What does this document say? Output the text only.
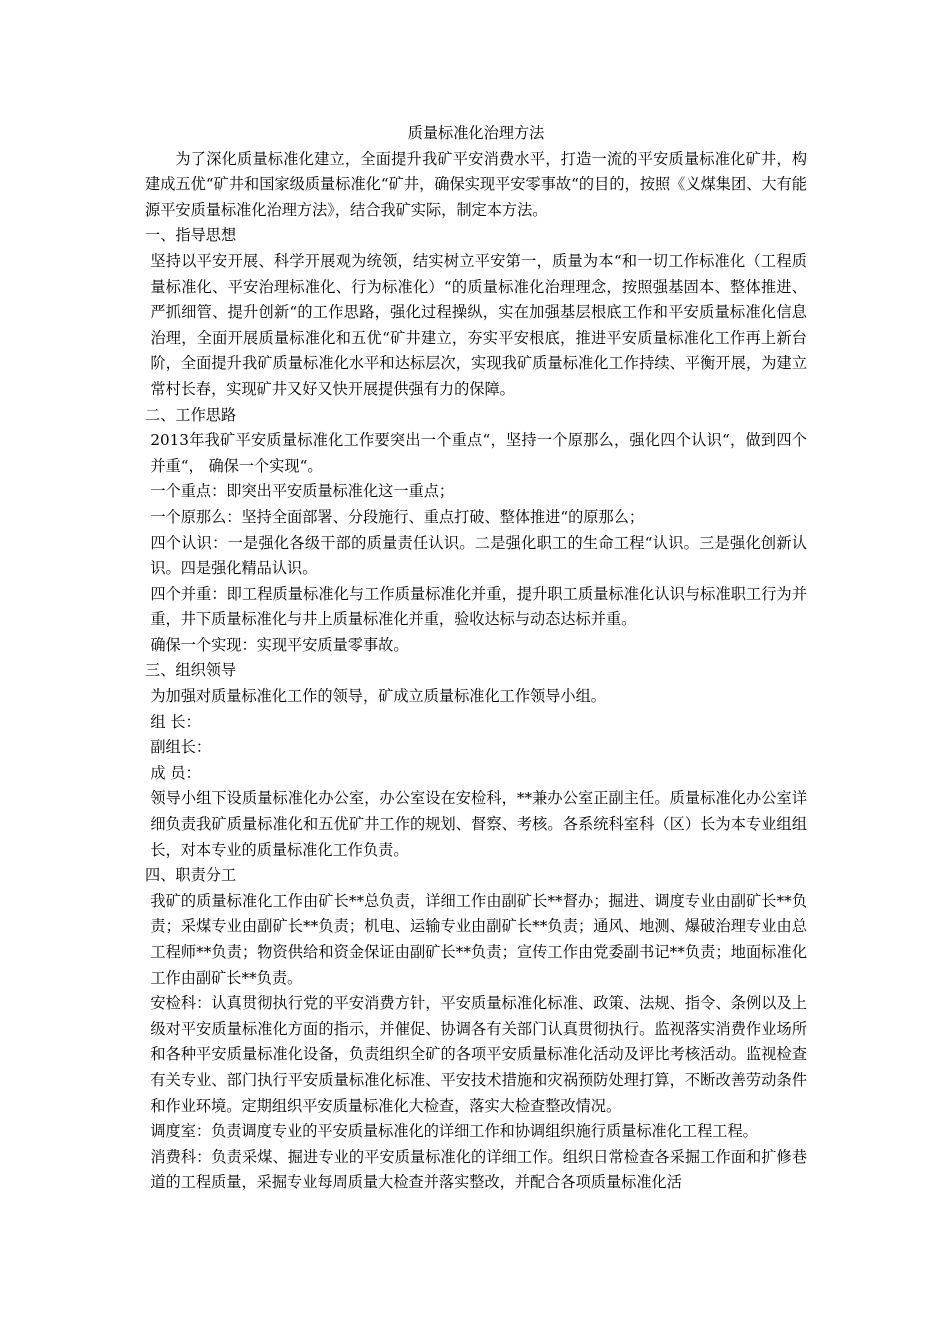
质量标准化治理方法

为了深化质量标准化建立，全面提升我矿平安消费水平，打造一流的平安质量标准化矿井，构建成五优“矿井和国家级质量标准化“矿井，确保实现平安零事故“的目的，按照《义煤集团、大有能源平安质量标准化治理方法》，结合我矿实际，制定本方法。

一、指导思想

坚持以平安开展、科学开展观为统领，结实树立平安第一，质量为本“和一切工作标准化（工程质量标准化、平安治理标准化、行为标准化）“的质量标准化治理理念，按照强基固本、整体推进、严抓细管、提升创新“的工作思路，强化过程操纵，实在加强基层根底工作和平安质量标准化信息治理，全面开展质量标准化和五优“矿井建立，夯实平安根底，推进平安质量标准化工作再上新台阶，全面提升我矿质量标准化水平和达标层次，实现我矿质量标准化工作持续、平衡开展，为建立常村长春，实现矿井又好又快开展提供强有力的保障。

二、工作思路

2013年我矿平安质量标准化工作要突出一个重点“，坚持一个原那么，强化四个认识“，做到四个并重“， 确保一个实现“。

一个重点：即突出平安质量标准化这一重点；

一个原那么：坚持全面部署、分段施行、重点打破、整体推进“的原那么；

四个认识：一是强化各级干部的质量责任认识。二是强化职工的生命工程“认识。三是强化创新认识。四是强化精品认识。

四个并重：即工程质量标准化与工作质量标准化并重，提升职工质量标准化认识与标准职工行为并重，井下质量标准化与井上质量标准化并重，验收达标与动态达标并重。

确保一个实现：实现平安质量零事故。

三、组织领导

为加强对质量标准化工作的领导，矿成立质量标准化工作领导小组。

组 长：

副组长：

成 员：

领导小组下设质量标准化办公室，办公室设在安检科，**兼办公室正副主任。质量标准化办公室详细负责我矿质量标准化和五优矿井工作的规划、督察、考核。各系统科室科（区）长为本专业组组长，对本专业的质量标准化工作负责。

四、职责分工

我矿的质量标准化工作由矿长**总负责，详细工作由副矿长**督办；掘进、调度专业由副矿长**负责；采煤专业由副矿长**负责；机电、运输专业由副矿长**负责；通风、地测、爆破治理专业由总工程师**负责；物资供给和资金保证由副矿长**负责；宣传工作由党委副书记**负责；地面标准化工作由副矿长**负责。

安检科：认真贯彻执行党的平安消费方针，平安质量标准化标准、政策、法规、指令、条例以及上级对平安质量标准化方面的指示，并催促、协调各有关部门认真贯彻执行。监视落实消费作业场所和各种平安质量标准化设备，负责组织全矿的各项平安质量标准化活动及评比考核活动。监视检查有关专业、部门执行平安质量标准化标准、平安技术措施和灾祸预防处理打算，不断改善劳动条件和作业环境。定期组织平安质量标准化大检查，落实大检查整改情况。

调度室：负责调度专业的平安质量标准化的详细工作和协调组织施行质量标准化工程工程。

消费科：负责采煤、掘进专业的平安质量标准化的详细工作。组织日常检查各采掘工作面和扩修巷道的工程质量，采掘专业每周质量大检查并落实整改，并配合各项质量标准化活
